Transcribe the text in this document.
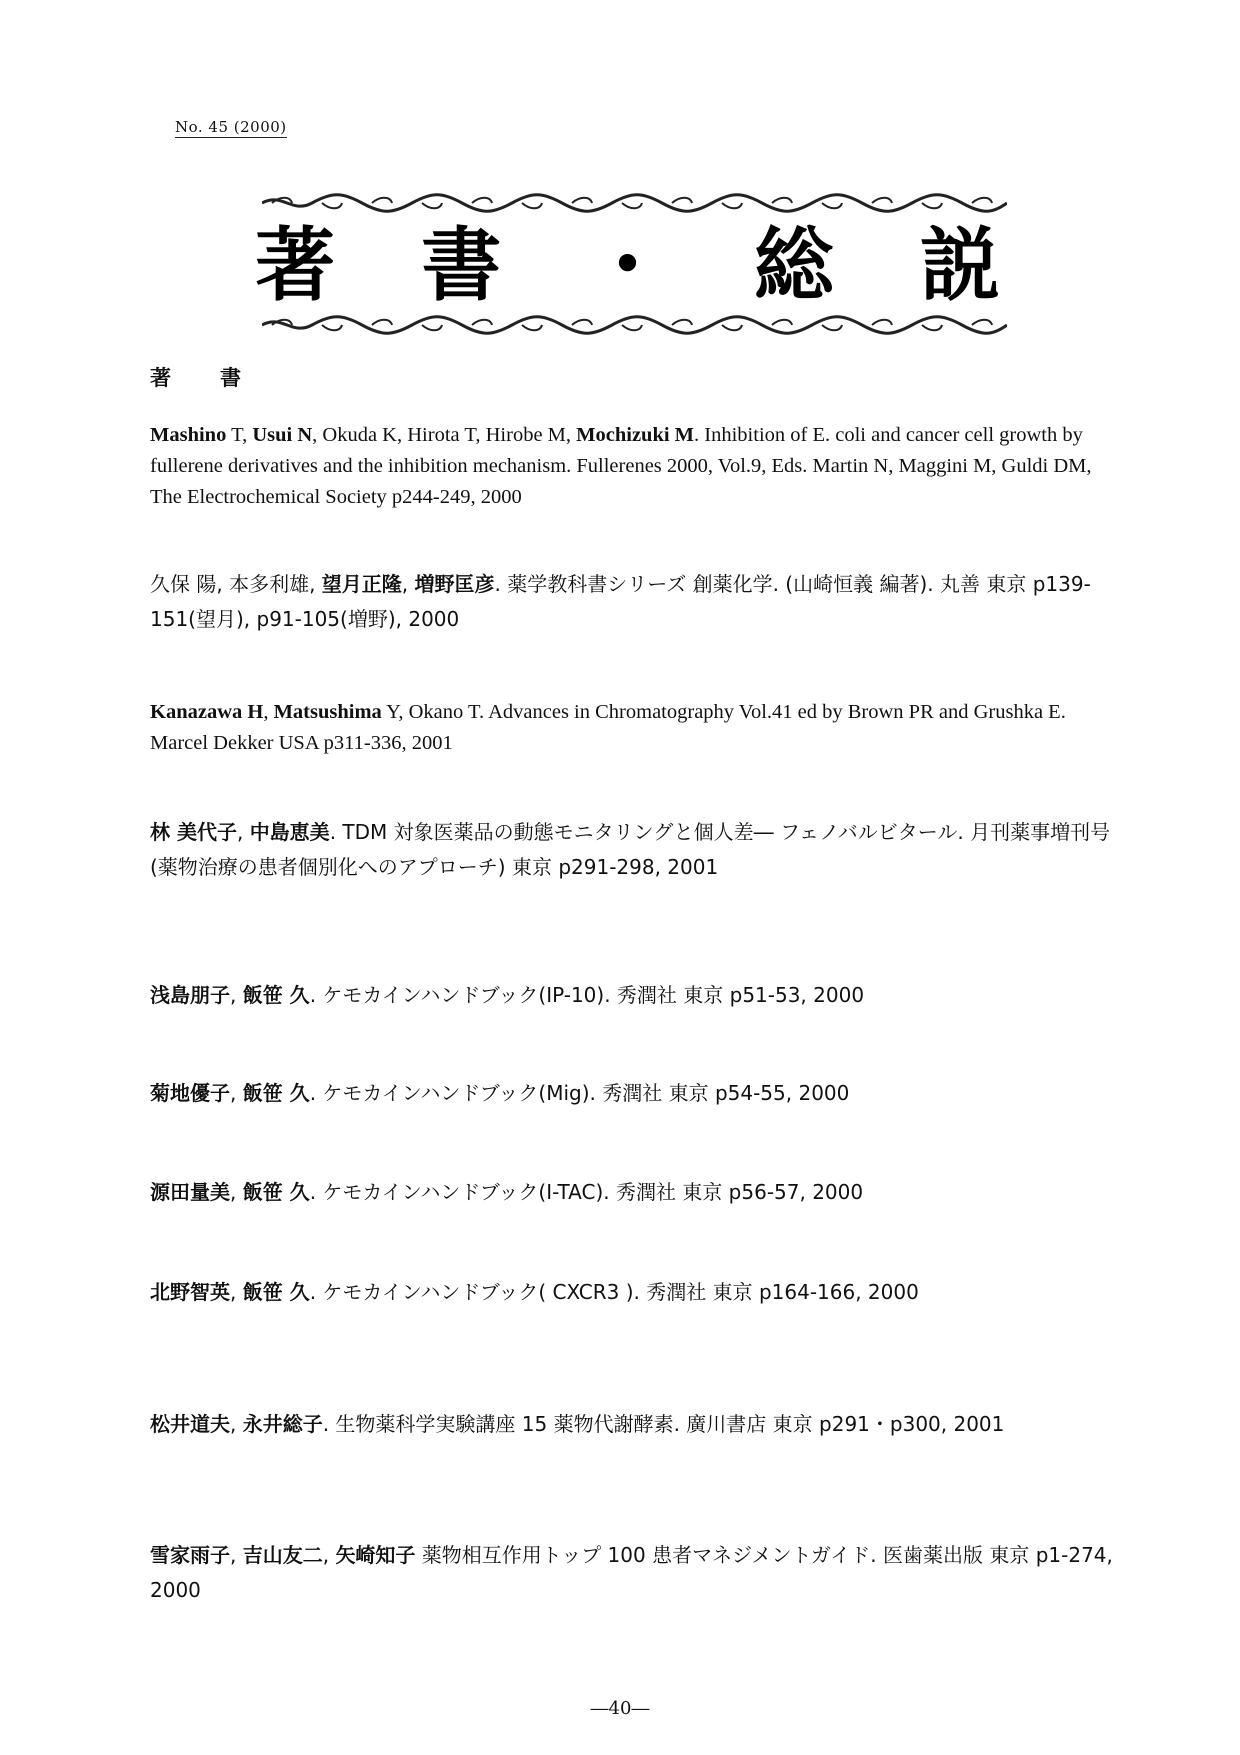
No. 45 (2000)
著 書 ・ 総 説
著　書
Mashino T, Usui N, Okuda K, Hirota T, Hirobe M, Mochizuki M. Inhibition of E. coli and cancer cell growth by fullerene derivatives and the inhibition mechanism. Fullerenes 2000, Vol.9, Eds. Martin N, Maggini M, Guldi DM, The Electrochemical Society p244-249, 2000
久保 陽, 本多利雄, 望月正隆, 増野匡彦. 薬学教科書シリーズ 創薬化学. (山崎恒義 編著). 丸善 東京 p139-151(望月), p91-105(増野), 2000
Kanazawa H, Matsushima Y, Okano T. Advances in Chromatography Vol.41 ed by Brown PR and Grushka E. Marcel Dekker USA p311-336, 2001
林 美代子, 中島恵美. TDM 対象医薬品の動態モニタリングと個人差― フェノバルビタール. 月刊薬事増刊号 (薬物治療の患者個別化へのアプローチ) 東京 p291-298, 2001
浅島朋子, 飯笹 久. ケモカインハンドブック(IP-10). 秀潤社 東京 p51-53, 2000
菊地優子, 飯笹 久. ケモカインハンドブック(Mig). 秀潤社 東京 p54-55, 2000
源田量美, 飯笹 久. ケモカインハンドブック(I-TAC). 秀潤社 東京 p56-57, 2000
北野智英, 飯笹 久. ケモカインハンドブック( CXCR3 ). 秀潤社 東京 p164-166, 2000
松井道夫, 永井総子. 生物薬科学実験講座 15 薬物代謝酵素. 廣川書店 東京 p291・p300, 2001
雪家雨子, 吉山友二, 矢崎知子 薬物相互作用トップ 100 患者マネジメントガイド. 医歯薬出版 東京 p1-274, 2000
―40―
